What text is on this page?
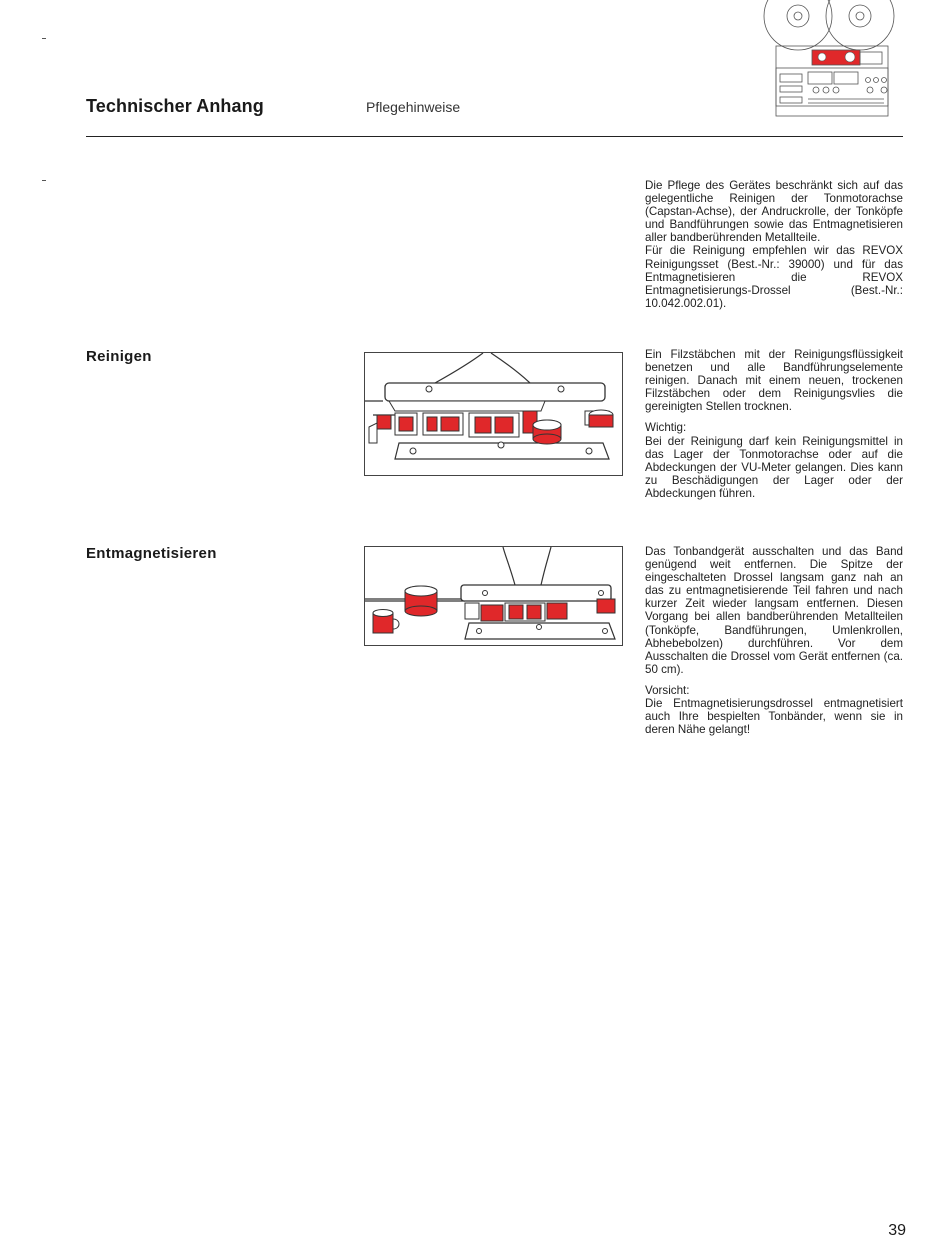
Technischer Anhang	Pflegehinweise

Die Pflege des Gerätes beschränkt sich auf das gelegentliche Reinigen der Tonmotorachse (Capstan-Achse), der Andruckrolle, der Tonköpfe und Bandführungen sowie das Entmagnetisieren aller bandberührenden Metallteile.

Für die Reinigung empfehlen wir das REVOX Reinigungsset (Best.-Nr.: 39000) und für das Entmagnetisieren die REVOX Entmagnetisierungs-Drossel (Best.-Nr.: 10.042.002.01).

Reinigen	Ein Filzstäbchen mit der Reinigungsflüssigkeit benetzen und alle Bandführungselemente reinigen. Danach mit einem neuen, trockenen Filzstäbchen oder dem Reinigungsvlies die gereinigten Stellen trocknen.

Wichtig:

Bei der Reinigung darf kein Reinigungsmittel in das Lager der Tonmotorachse oder auf die Abdeckungen der VU-Meter gelangen. Dies kann zu Beschädigungen der Lager oder der Abdeckungen führen.

Entmagnetisieren	Das Tonbandgerät ausschalten und das Band genügend weit entfernen. Die Spitze der eingeschalteten Drossel langsam ganz nah an das zu entmagnetisierende Teil fahren und nach kurzer Zeit wieder langsam entfernen. Diesen Vorgang bei allen bandberührenden Metallteilen (Tonköpfe, Bandführungen, Umlenkrollen, Abhebebolzen) durchführen. Vor dem Ausschalten die Drossel vom Gerät entfernen (ca. 50 cm).

Vorsicht:

Die Entmagnetisierungsdrossel entmagnetisiert auch Ihre bespielten Tonbänder, wenn sie in deren Nähe gelangt!

39
